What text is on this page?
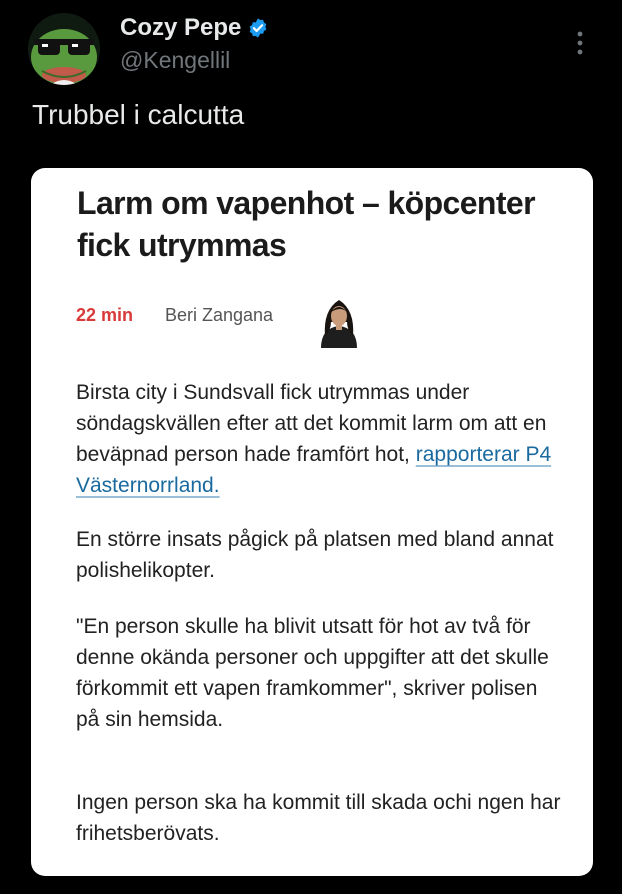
Cozy Pepe
@Kengellil
Trubbel i calcutta
Larm om vapenhot – köpcenter fick utrymmas
22 min Beri Zangana

Birsta city i Sundsvall fick utrymmas under söndagskvällen efter att det kommit larm om att en beväpnad person hade framfört hot, rapporterar P4 Västernorrland.

En större insats pågick på platsen med bland annat polishelikopter.

"En person skulle ha blivit utsatt för hot av två för denne okända personer och uppgifter att det skulle förkommit ett vapen framkommer", skriver polisen på sin hemsida.

Ingen person ska ha kommit till skada ochi ngen har frihetsberövats.
